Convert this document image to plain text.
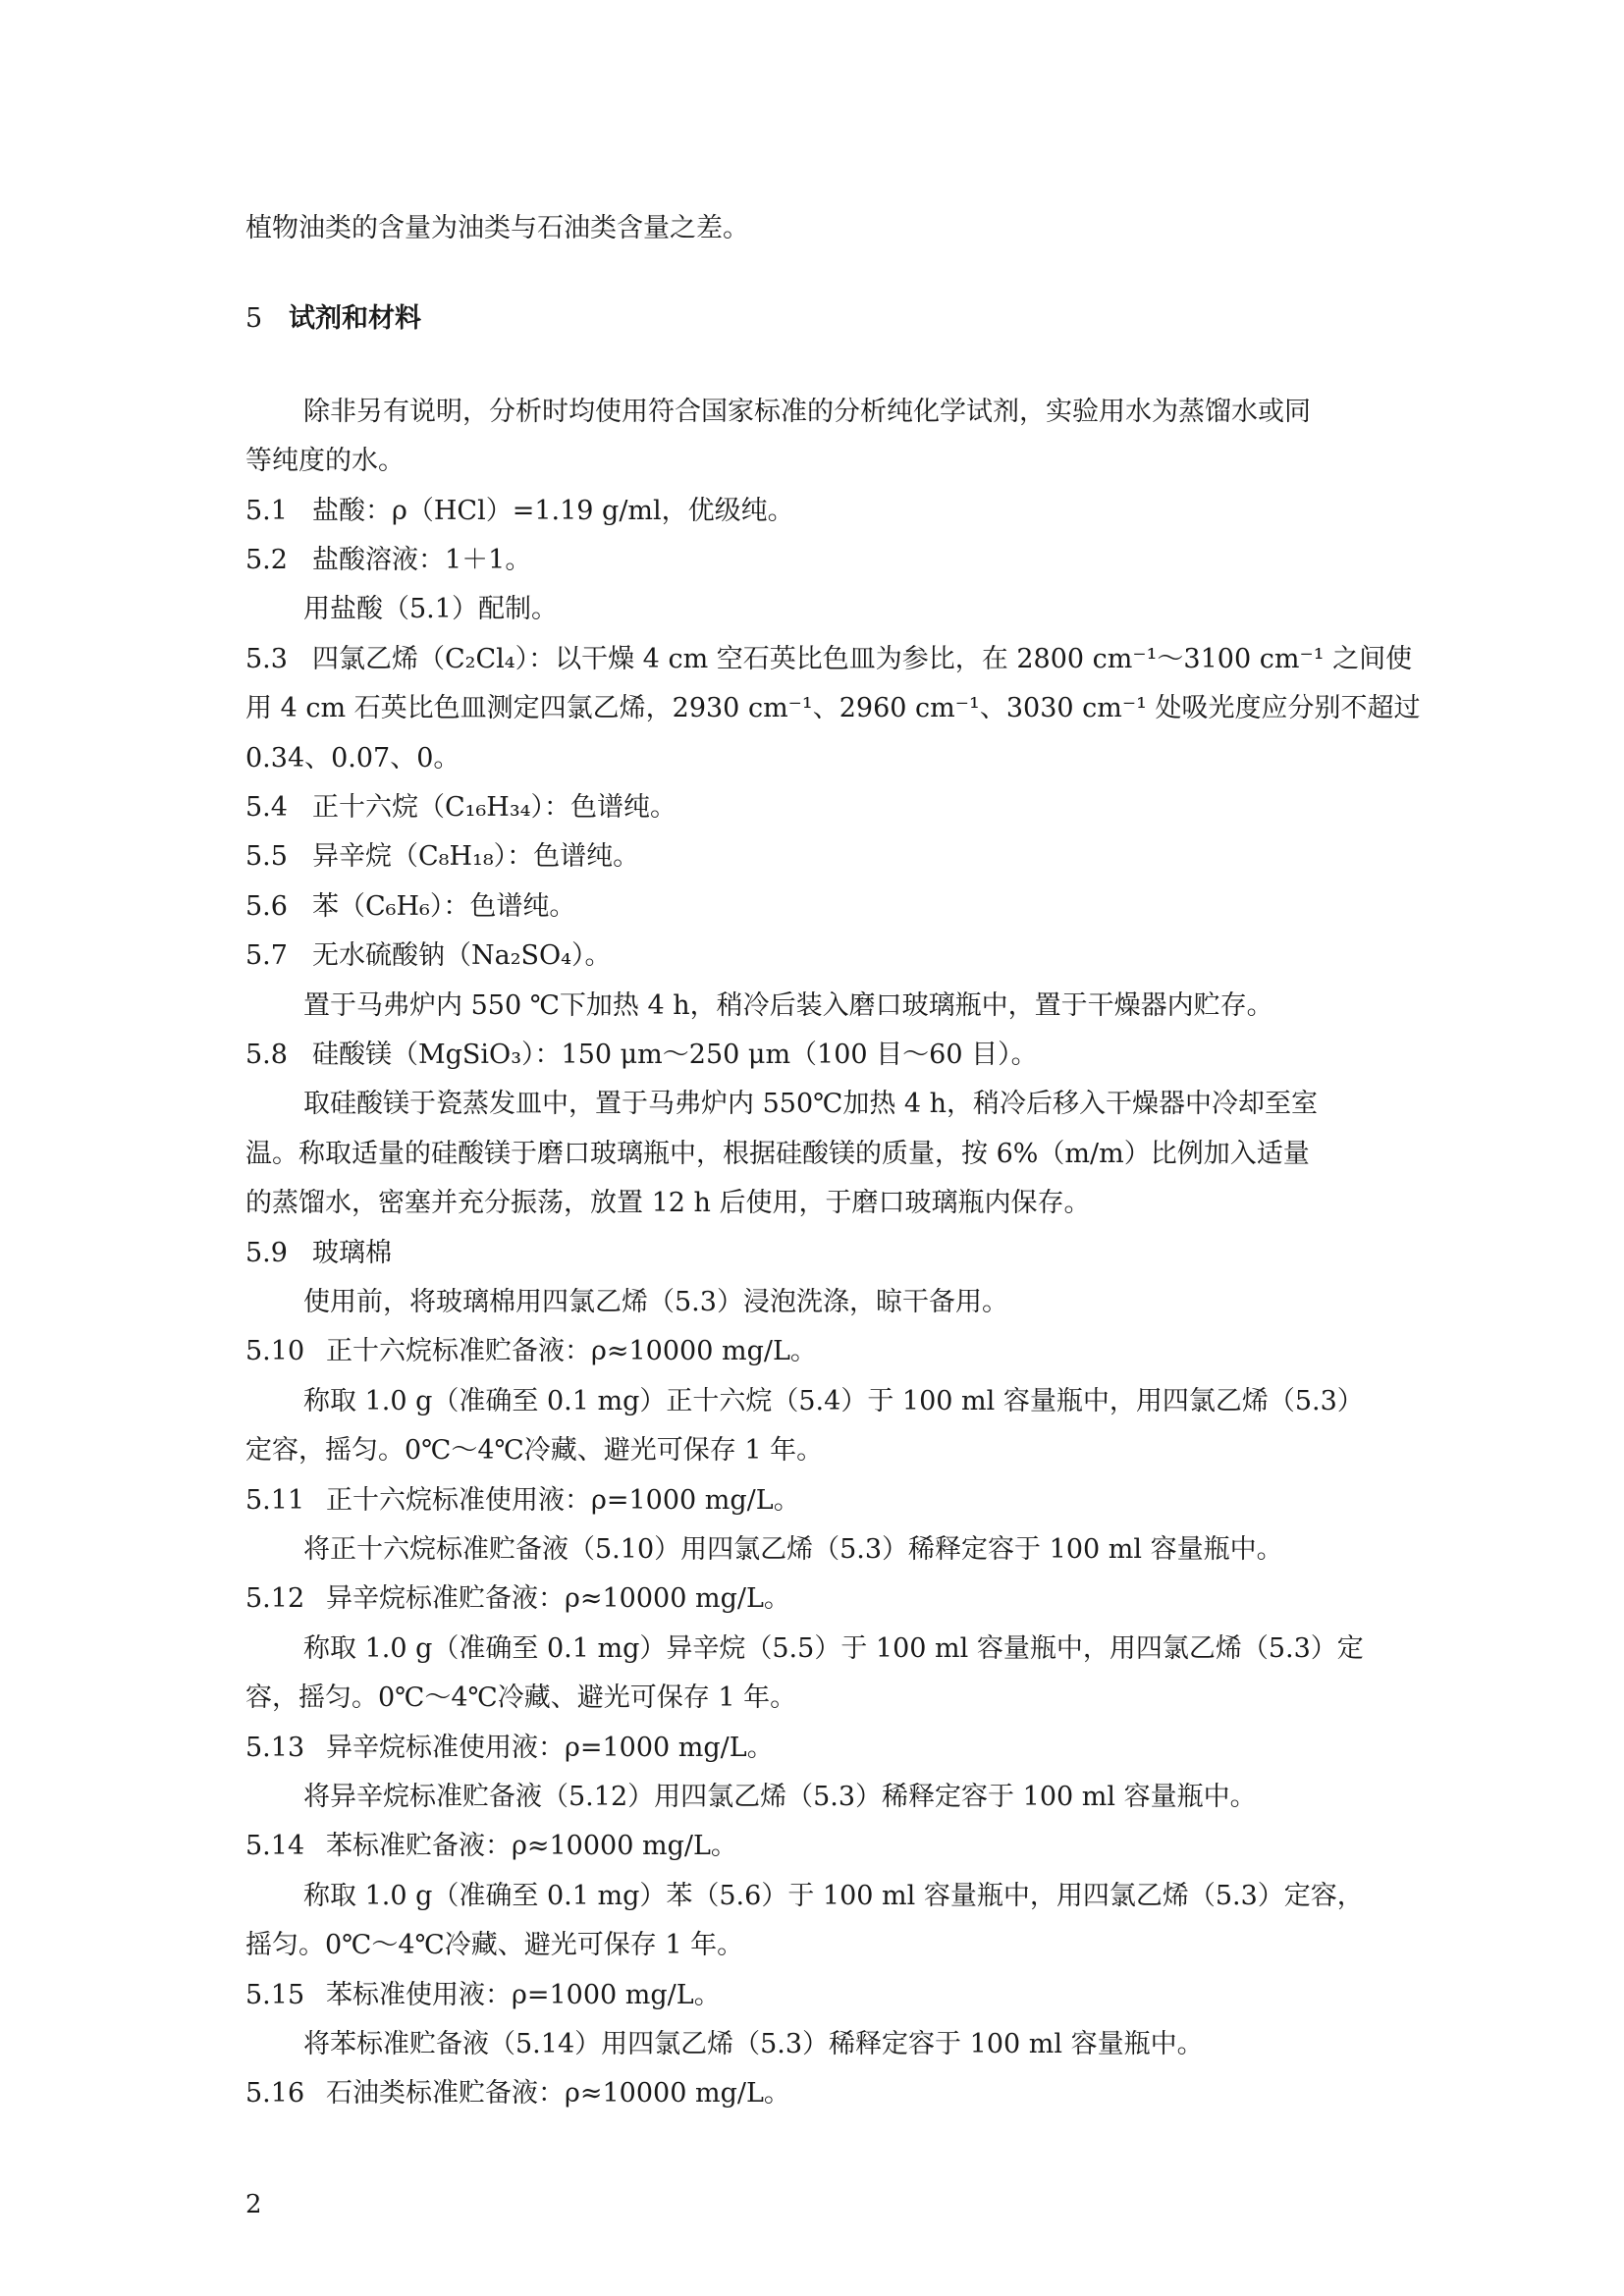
植物油类的含量为油类与石油类含量之差。
5 试剂和材料
除非另有说明，分析时均使用符合国家标准的分析纯化学试剂，实验用水为蒸馏水或同
等纯度的水。
5.1 盐酸：ρ（HCl）=1.19 g/ml，优级纯。
5.2 盐酸溶液：1＋1。
用盐酸（5.1）配制。
5.3 四氯乙烯（C₂Cl₄）：以干燥 4 cm 空石英比色皿为参比，在 2800 cm⁻¹～3100 cm⁻¹ 之间使
用 4 cm 石英比色皿测定四氯乙烯，2930 cm⁻¹、2960 cm⁻¹、3030 cm⁻¹ 处吸光度应分别不超过
0.34、0.07、0。
5.4 正十六烷（C₁₆H₃₄）：色谱纯。
5.5 异辛烷（C₈H₁₈）：色谱纯。
5.6 苯（C₆H₆）：色谱纯。
5.7 无水硫酸钠（Na₂SO₄）。
置于马弗炉内 550 ℃下加热 4 h，稍冷后装入磨口玻璃瓶中，置于干燥器内贮存。
5.8 硅酸镁（MgSiO₃）：150 μm～250 μm（100 目～60 目）。
取硅酸镁于瓷蒸发皿中，置于马弗炉内 550℃加热 4 h，稍冷后移入干燥器中冷却至室
温。称取适量的硅酸镁于磨口玻璃瓶中，根据硅酸镁的质量，按 6%（m/m）比例加入适量
的蒸馏水，密塞并充分振荡，放置 12 h 后使用，于磨口玻璃瓶内保存。
5.9 玻璃棉
使用前，将玻璃棉用四氯乙烯（5.3）浸泡洗涤，晾干备用。
5.10 正十六烷标准贮备液：ρ≈10000 mg/L。
称取 1.0 g（准确至 0.1 mg）正十六烷（5.4）于 100 ml 容量瓶中，用四氯乙烯（5.3）
定容，摇匀。0℃～4℃冷藏、避光可保存 1 年。
5.11 正十六烷标准使用液：ρ=1000 mg/L。
将正十六烷标准贮备液（5.10）用四氯乙烯（5.3）稀释定容于 100 ml 容量瓶中。
5.12 异辛烷标准贮备液：ρ≈10000 mg/L。
称取 1.0 g（准确至 0.1 mg）异辛烷（5.5）于 100 ml 容量瓶中，用四氯乙烯（5.3）定
容，摇匀。0℃～4℃冷藏、避光可保存 1 年。
5.13 异辛烷标准使用液：ρ=1000 mg/L。
将异辛烷标准贮备液（5.12）用四氯乙烯（5.3）稀释定容于 100 ml 容量瓶中。
5.14 苯标准贮备液：ρ≈10000 mg/L。
称取 1.0 g（准确至 0.1 mg）苯（5.6）于 100 ml 容量瓶中，用四氯乙烯（5.3）定容，
摇匀。0℃～4℃冷藏、避光可保存 1 年。
5.15 苯标准使用液：ρ=1000 mg/L。
将苯标准贮备液（5.14）用四氯乙烯（5.3）稀释定容于 100 ml 容量瓶中。
5.16 石油类标准贮备液：ρ≈10000 mg/L。
2
